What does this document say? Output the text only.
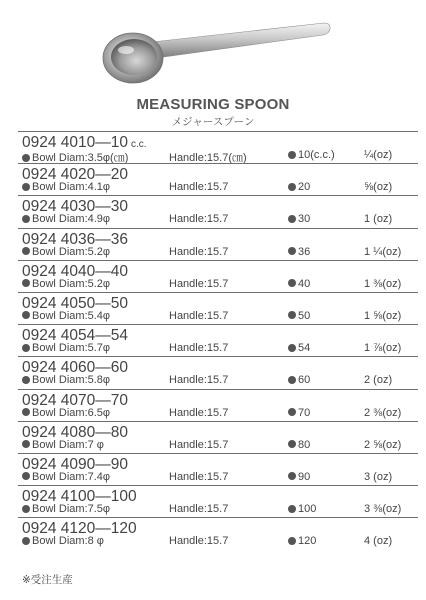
MEASURING SPOON
メジャースプーン
0924 4010—10 c.c.
Bowl Diam:3.5φ(㎝)	Handle:15.7(㎝)	10(c.c.)	¼(oz)
0924 4020—20
Bowl Diam:4.1φ	Handle:15.7	20	⅝(oz)
0924 4030—30
Bowl Diam:4.9φ	Handle:15.7	30	1 (oz)
0924 4036—36
Bowl Diam:5.2φ	Handle:15.7	36	1 ¼(oz)
0924 4040—40
Bowl Diam:5.2φ	Handle:15.7	40	1 ⅜(oz)
0924 4050—50
Bowl Diam:5.4φ	Handle:15.7	50	1 ⅝(oz)
0924 4054—54
Bowl Diam:5.7φ	Handle:15.7	54	1 ⅞(oz)
0924 4060—60
Bowl Diam:5.8φ	Handle:15.7	60	2 (oz)
0924 4070—70
Bowl Diam:6.5φ	Handle:15.7	70	2 ⅜(oz)
0924 4080—80
Bowl Diam:7 φ	Handle:15.7	80	2 ⅝(oz)
0924 4090—90
Bowl Diam:7.4φ	Handle:15.7	90	3 (oz)
0924 4100—100
Bowl Diam:7.5φ	Handle:15.7	100	3 ⅜(oz)
0924 4120—120
Bowl Diam:8 φ	Handle:15.7	120	4 (oz)
※受注生産
